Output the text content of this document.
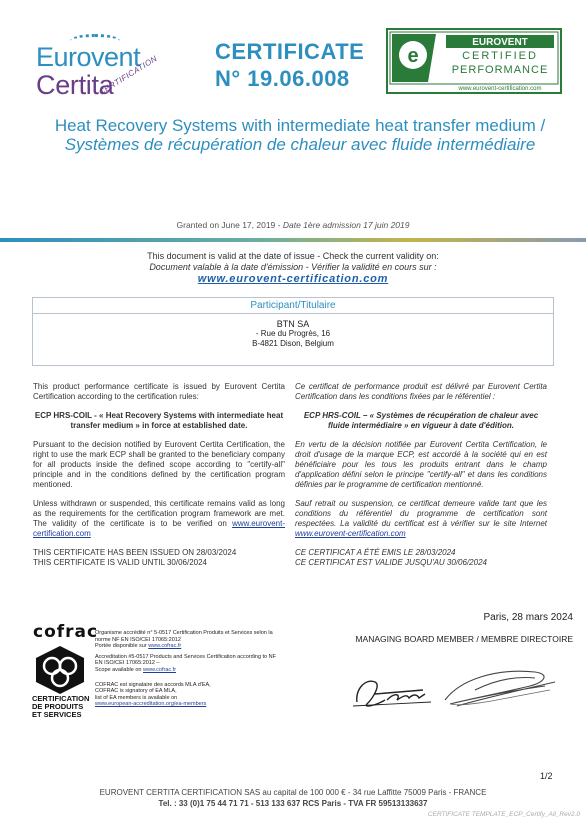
Eurovent
Certita
CERTIFICATION
CERTIFICATE
N° 19.06.008
e
EUROVENT
CERTIFIED
PERFORMANCE
www.eurovent-certification.com
Heat Recovery Systems with intermediate heat transfer medium / Systèmes de récupération de chaleur avec fluide intermédiaire
Granted on June 17, 2019 - Date 1ère admission 17 juin 2019
This document is valid at the date of issue - Check the current validity on:
Document valable à la date d'émission - Vérifier la validité en cours sur :
www.eurovent-certification.com
Participant/Titulaire
BTN SA
- Rue du Progrès, 16
B-4821 Dison, Belgium

This product performance certificate is issued by Eurovent Certita Certification according to the certification rules:

ECP HRS-COIL - « Heat Recovery Systems with intermediate heat transfer medium » in force at established date.

Pursuant to the decision notified by Eurovent Certita Certification, the right to use the mark ECP shall be granted to the beneficiary company for all products inside the defined scope according to "certify-all" principle and in the conditions defined by the certification program mentioned.

Unless withdrawn or suspended, this certificate remains valid as long as the requirements for the certification program framework are met. The validity of the certificate is to be verified on www.eurovent-certification.com

THIS CERTIFICATE HAS BEEN ISSUED ON 28/03/2024
THIS CERTIFICATE IS VALID UNTIL 30/06/2024

Ce certificat de performance produit est délivré par Eurovent Certita Certification dans les conditions fixées par le référentiel :

ECP HRS-COIL – « Systèmes de récupération de chaleur avec fluide intermédiaire » en vigueur à date d'édition.

En vertu de la décision notifiée par Eurovent Certita Certification, le droit d'usage de la marque ECP, est accordé à la société qui en est bénéficiaire pour les tous les produits entrant dans le champ d'application défini selon le principe "certify-all" et dans les conditions définies par le programme de certification mentionné.

Sauf retrait ou suspension, ce certificat demeure valide tant que les conditions du référentiel du programme de certification sont respectées. La validité du certificat est à vérifier sur le site Internet www.eurovent-certification.com

CE CERTIFICAT A ÉTÉ EMIS LE 28/03/2024
CE CERTIFICAT EST VALIDE JUSQU'AU 30/06/2024
cofrac
CERTIFICATION
DE PRODUITS
ET SERVICES
Organisme accrédité n° 5-0517 Certification Produits et Services selon la norme NF EN ISO/CEI 17065:2012
Portée disponible sur www.cofrac.fr
Accreditation #5-0517 Products and Services Certification according to NF EN ISO/CEI 17065:2012 –
Scope available on www.cofrac.fr
COFRAC est signataire des accords MLA d'EA,
COFRAC is signatory of EA MLA,
list of EA members is available on
www.european-accreditation.org/ea-members
Paris, 28 mars 2024
MANAGING BOARD MEMBER / MEMBRE DIRECTOIRE
1/2
EUROVENT CERTITA CERTIFICATION SAS au capital de 100 000 € - 34 rue Laffitte 75009 Paris - FRANCE
Tel. : 33 (0)1 75 44 71 71 - 513 133 637 RCS Paris - TVA FR 59513133637
CERTIFICATE TEMPLATE_ECP_Certify_All_Rev2.0
